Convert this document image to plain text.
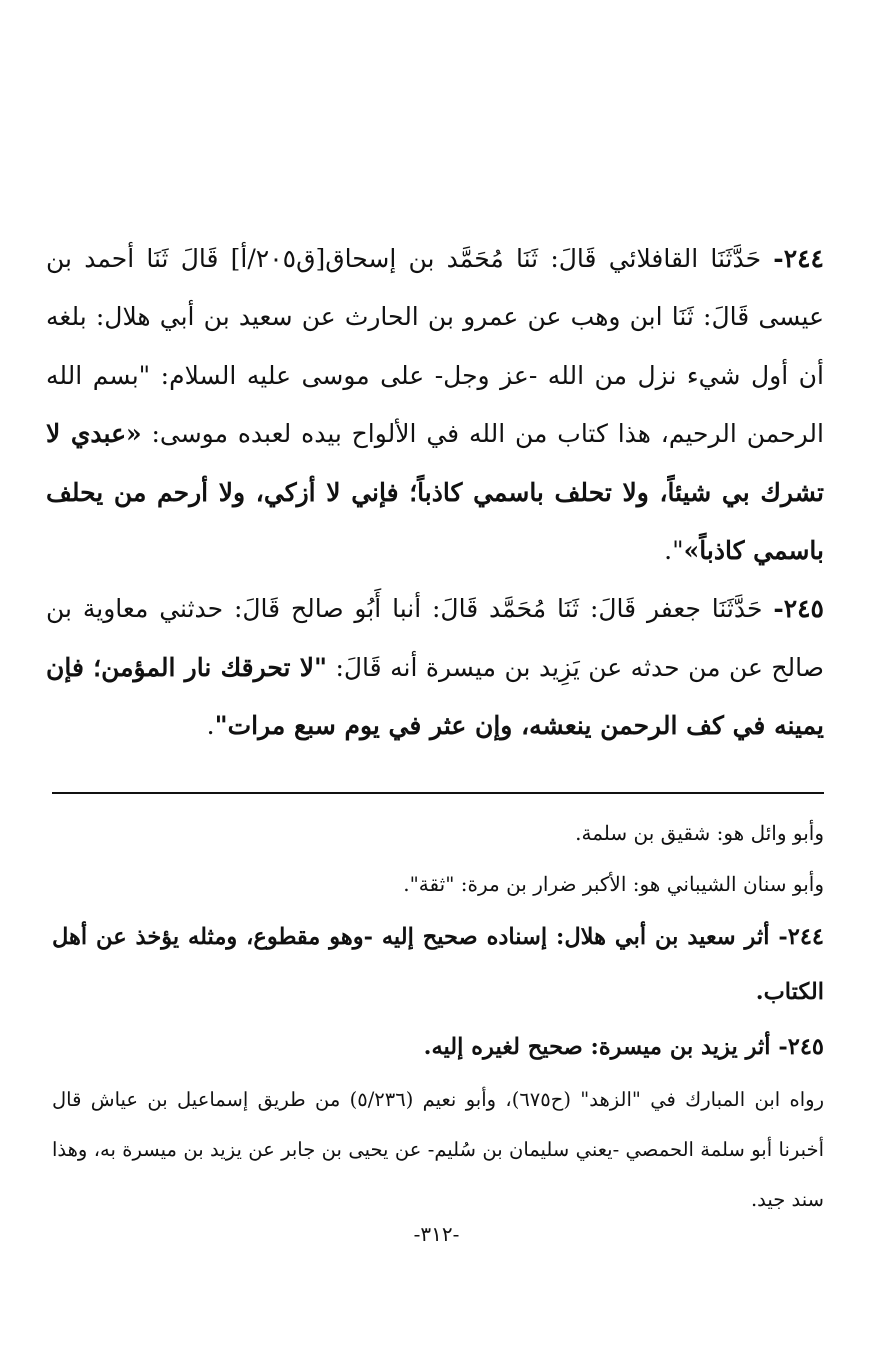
٢٤٤- حَدَّثَنَا القافلائي قَالَ: ثَنَا مُحَمَّد بن إسحاق[ق٢٠٥/أ] قَالَ ثَنَا أحمد بن عيسى قَالَ: ثَنَا ابن وهب عن عمرو بن الحارث عن سعيد بن أبي هلال: بلغه أن أول شيء نزل من الله -عز وجل- على موسى عليه السلام: "بسم الله الرحمن الرحيم، هذا كتاب من الله في الألواح بيده لعبده موسى: «عبدي لا تشرك بي شيئاً، ولا تحلف باسمي كاذباً؛ فإني لا أزكي، ولا أرحم من يحلف باسمي كاذباً»".

٢٤٥- حَدَّثَنَا جعفر قَالَ: ثَنَا مُحَمَّد قَالَ: أنبا أَبُو صالح قَالَ: حدثني معاوية بن صالح عن من حدثه عن يَزِيد بن ميسرة أنه قَالَ: "لا تحرقك نار المؤمن؛ فإن يمينه في كف الرحمن ينعشه، وإن عثر في يوم سبع مرات".

وأبو وائل هو: شقيق بن سلمة.

وأبو سنان الشيباني هو: الأكبر ضرار بن مرة: "ثقة".

٢٤٤- أثر سعيد بن أبي هلال: إسناده صحيح إليه -وهو مقطوع، ومثله يؤخذ عن أهل الكتاب.

٢٤٥- أثر يزيد بن ميسرة: صحيح لغيره إليه.

رواه ابن المبارك في "الزهد" (ح٦٧٥)، وأبو نعيم (٥/٢٣٦) من طريق إسماعيل بن عياش قال أخبرنا أبو سلمة الحمصي -يعني سليمان بن سُليم- عن يحيى بن جابر عن يزيد بن ميسرة به، وهذا سند جيد.

-٣١٢-
